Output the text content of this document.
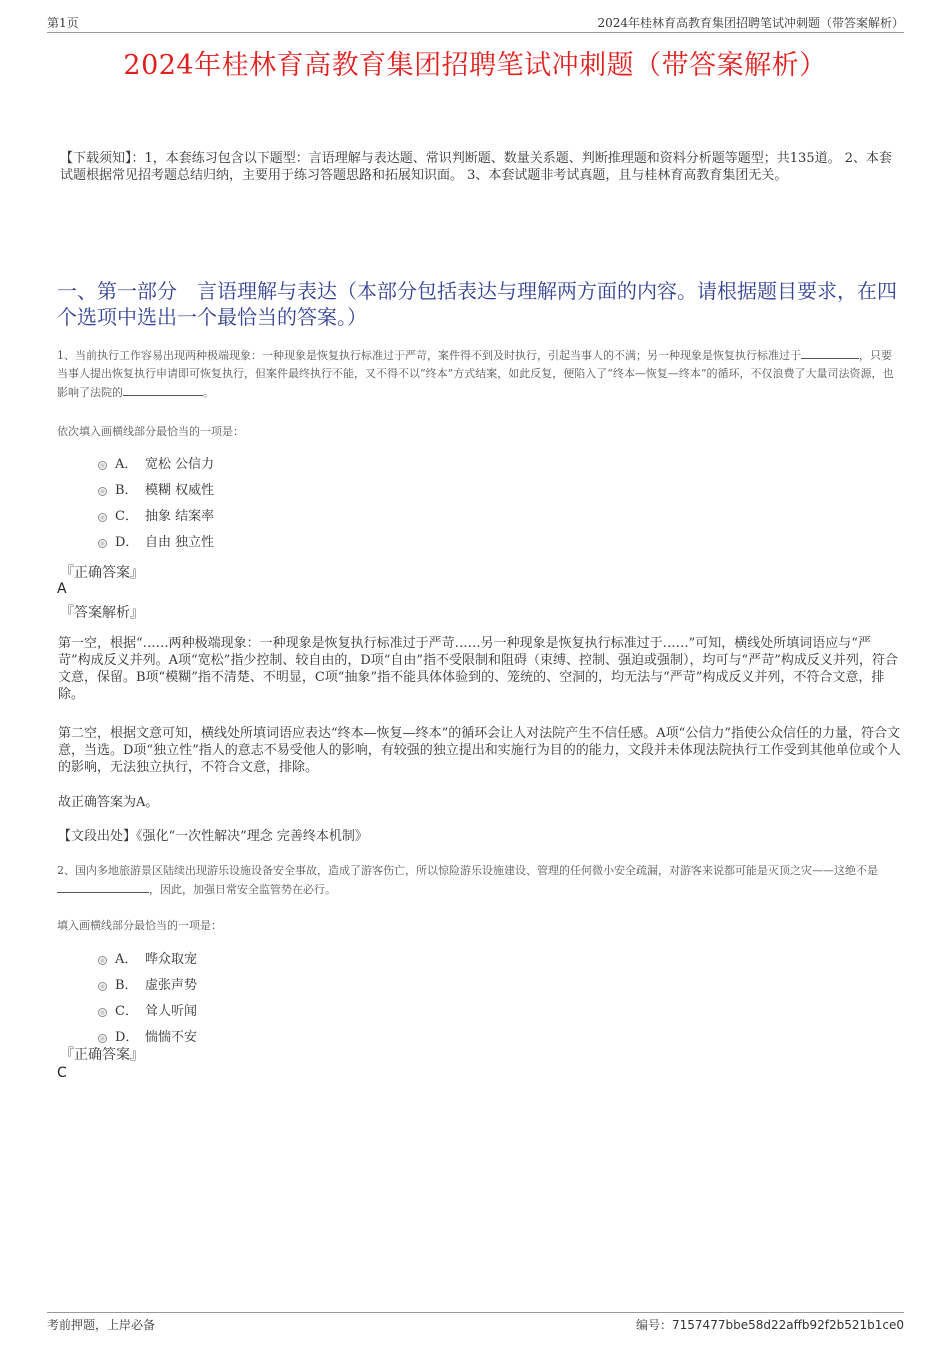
第1页	2024年桂林育高教育集团招聘笔试冲刺题（带答案解析）
2024年桂林育高教育集团招聘笔试冲刺题（带答案解析）
【下载须知】：1，本套练习包含以下题型：言语理解与表达题、常识判断题、数量关系题、判断推理题和资料分析题等题型；共135道。 2、本套试题根据常见招考题总结归纳，主要用于练习答题思路和拓展知识面。 3、本套试题非考试真题，且与桂林育高教育集团无关。
一、第一部分　言语理解与表达（本部分包括表达与理解两方面的内容。请根据题目要求，在四个选项中选出一个最恰当的答案。）
1、当前执行工作容易出现两种极端现象：一种现象是恢复执行标准过于严苛，案件得不到及时执行，引起当事人的不满；另一种现象是恢复执行标准过于	，只要当事人提出恢复执行申请即可恢复执行，但案件最终执行不能，又不得不以“终本”方式结案，如此反复，便陷入了“终本—恢复—终本”的循环，不仅浪费了大量司法资源，也影响了法院的	。
依次填入画横线部分最恰当的一项是：
A． 宽松 公信力
B． 模糊 权威性
C． 抽象 结案率
D． 自由 独立性
『正确答案』
A
『答案解析』
第一空，根据“……两种极端现象：一种现象是恢复执行标准过于严苛……另一种现象是恢复执行标准过于……”可知，横线处所填词语应与“严苛”构成反义并列。A项“宽松”指少控制、较自由的，D项“自由”指不受限制和阻碍（束缚、控制、强迫或强制），均可与“严苛”构成反义并列，符合文意，保留。B项“模糊”指不清楚、不明显，C项“抽象”指不能具体体验到的、笼统的、空洞的，均无法与“严苛”构成反义并列，不符合文意，排除。
第二空，根据文意可知，横线处所填词语应表达“终本—恢复—终本”的循环会让人对法院产生不信任感。A项“公信力”指使公众信任的力量，符合文意，当选。D项“独立性”指人的意志不易受他人的影响，有较强的独立提出和实施行为目的的能力，文段并未体现法院执行工作受到其他单位或个人的影响，无法独立执行，不符合文意，排除。
故正确答案为A。
【文段出处】《强化“一次性解决”理念 完善终本机制》
2、国内多地旅游景区陆续出现游乐设施设备安全事故，造成了游客伤亡，所以惊险游乐设施建设、管理的任何微小安全疏漏，对游客来说都可能是灭顶之灾——这绝不是，因此，加强日常安全监管势在必行。
填入画横线部分最恰当的一项是：
A． 哗众取宠
B． 虚张声势
C． 耸人听闻
D． 惴惴不安
『正确答案』
C
考前押题，上岸必备	编号：7157477bbe58d22affb92f2b521b1ce0
